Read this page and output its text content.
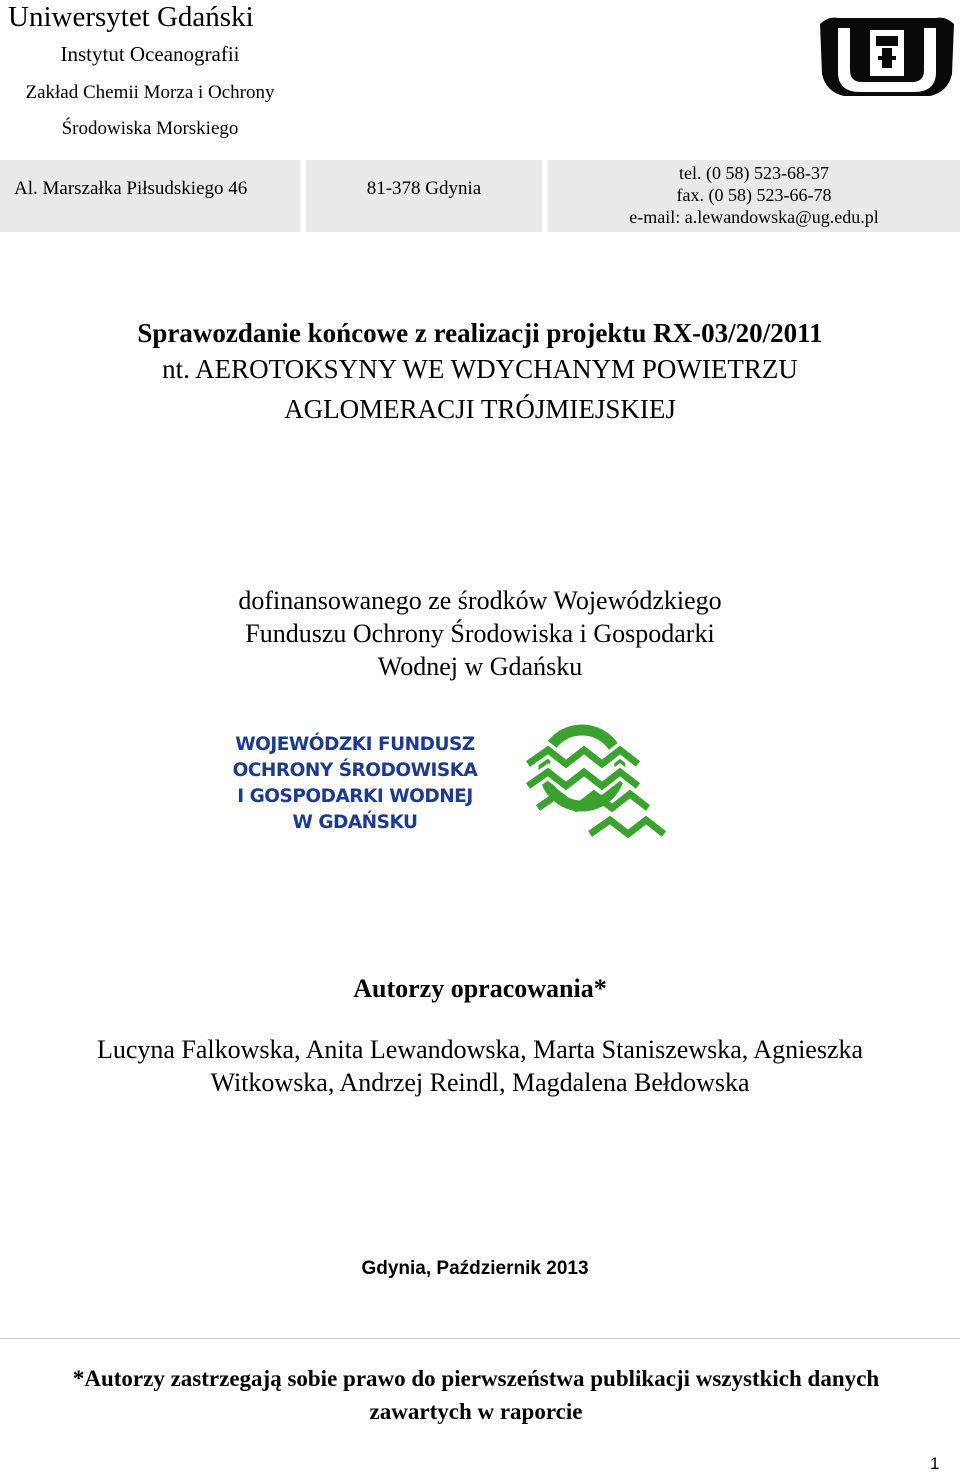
Uniwersytet Gdański
Instytut Oceanografii
Zakład Chemii Morza i Ochrony
Środowiska Morskiego
Al. Marszałka Piłsudskiego 46	81-378 Gdynia
tel. (0 58) 523-68-37
fax. (0 58) 523-66-78
e-mail: a.lewandowska@ug.edu.pl
Sprawozdanie końcowe z realizacji projektu RX-03/20/2011
nt. AEROTOKSYNY WE WDYCHANYM POWIETRZU
AGLOMERACJI TRÓJMIEJSKIEJ
dofinansowanego ze środków Wojewódzkiego
Funduszu Ochrony Środowiska i Gospodarki
Wodnej w Gdańsku
WOJEWÓDZKI FUNDUSZ
OCHRONY ŚRODOWISKA
I GOSPODARKI WODNEJ
W GDAŃSKU
Autorzy opracowania*
Lucyna Falkowska, Anita Lewandowska, Marta Staniszewska, Agnieszka
Witkowska, Andrzej Reindl, Magdalena Bełdowska
Gdynia, Październik 2013
*Autorzy zastrzegają sobie prawo do pierwszeństwa publikacji wszystkich danych
zawartych w raporcie
1
